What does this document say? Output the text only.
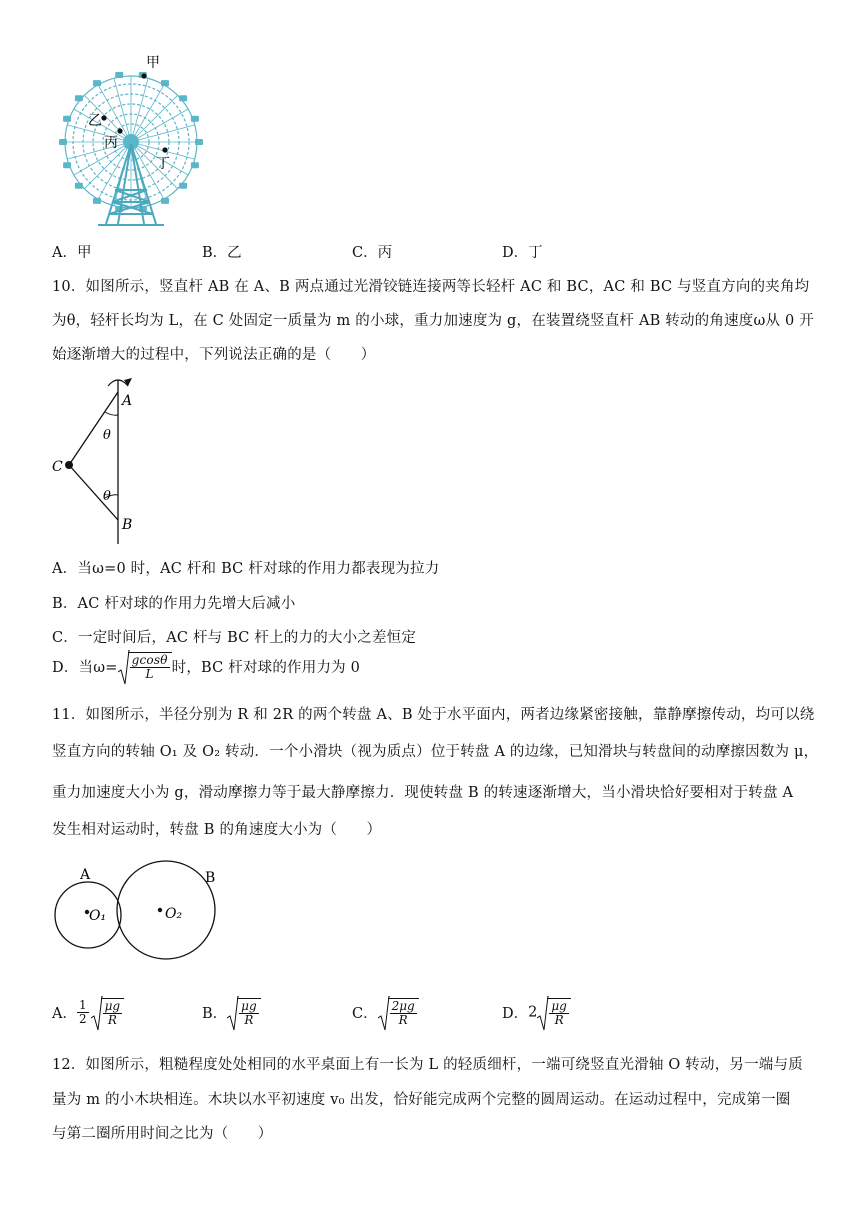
甲
乙
丙
丁
A．甲	B．乙	C．丙	D．丁
10．如图所示，竖直杆 AB 在 A、B 两点通过光滑铰链连接两等长轻杆 AC 和 BC，AC 和 BC 与竖直方向的夹角均
为θ，轻杆长均为 L，在 C 处固定一质量为 m 的小球，重力加速度为 g，在装置绕竖直杆 AB 转动的角速度ω从 0 开
始逐渐增大的过程中，下列说法正确的是（　　）
A
B
C
θ
θ
A．当ω=0 时，AC 杆和 BC 杆对球的作用力都表现为拉力
B．AC 杆对球的作用力先增大后减小
C．一定时间后，AC 杆与 BC 杆上的力的大小之差恒定
D．当$\omega= \frac{gcos\theta}{L}$ 时，BC 杆对球的作用力为 0
11．如图所示，半径分别为 R 和 2R 的两个转盘 A、B 处于水平面内，两者边缘紧密接触，靠静摩擦传动，均可以绕
竖直方向的转轴 O₁ 及 O₂ 转动．一个小滑块（视为质点）位于转盘 A 的边缘，已知滑块与转盘间的动摩擦因数为 μ，
重力加速度大小为 g，滑动摩擦力等于最大静摩擦力．现使转盘 B 的转速逐渐增大，当小滑块恰好要相对于转盘 A
发生相对运动时，转盘 B 的角速度大小为（　　）
A	B
O₁	O₂
A． $\frac{1}{2} \frac{\mu g}{R}$	B． $\frac{\mu g}{R}$	C． $\frac{2\mu g}{R}$	D．$2 \frac{\mu g}{R}$
12．如图所示，粗糙程度处处相同的水平桌面上有一长为 L 的轻质细杆，一端可绕竖直光滑轴 O 转动，另一端与质
量为 m 的小木块相连。木块以水平初速度 v₀ 出发，恰好能完成两个完整的圆周运动。在运动过程中，完成第一圈
与第二圈所用时间之比为（　　）
